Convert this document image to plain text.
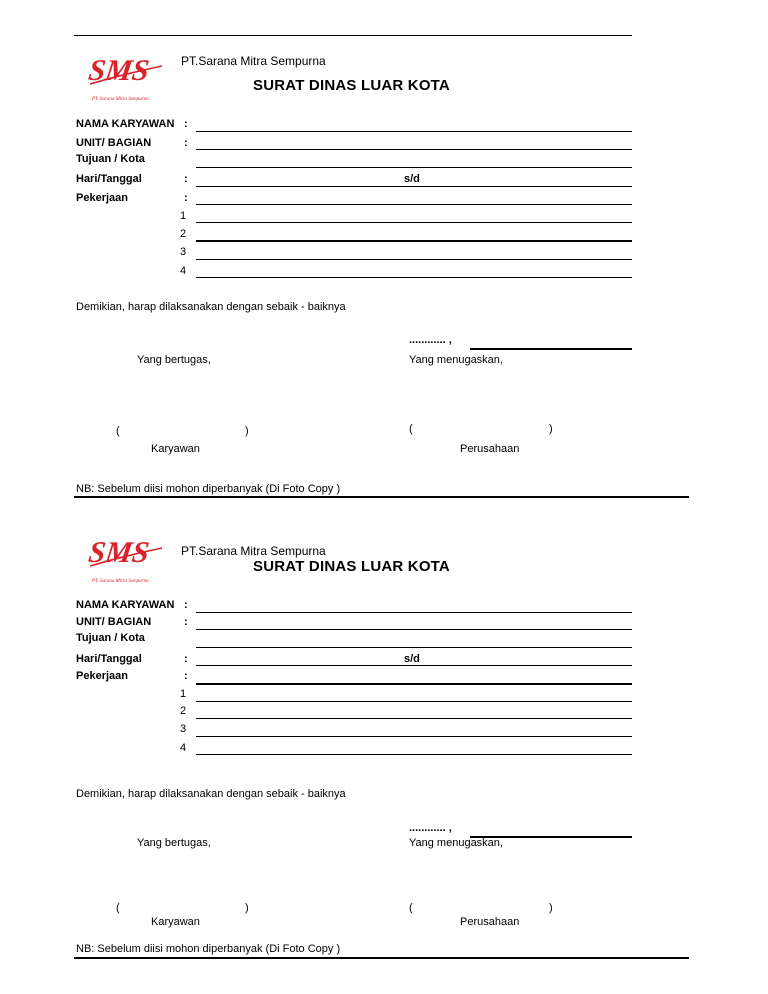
SMS
PT. Sarana Mitra Sempurna
PT.Sarana Mitra Sempurna
SURAT DINAS LUAR KOTA
NAMA KARYAWAN :
UNIT/ BAGIAN	:
Tujuan / Kota
Hari/Tanggal	:	s/d
Pekerjaan	:
1
2
3
4
Demikian, harap dilaksanakan dengan sebaik - baiknya
............ ,
Yang bertugas,	Yang menugaskan,
(	)	(	)
Karyawan	Perusahaan
NB: Sebelum diisi mohon diperbanyak (Di Foto Copy )
SMS
PT. Sarana Mitra Sempurna
PT.Sarana Mitra Sempurna
SURAT DINAS LUAR KOTA
NAMA KARYAWAN :
UNIT/ BAGIAN	:
Tujuan / Kota
Hari/Tanggal	:	s/d
Pekerjaan	:
1
2
3
4
Demikian, harap dilaksanakan dengan sebaik - baiknya
............ ,
Yang bertugas,	Yang menugaskan,
(	)	(	)
Karyawan	Perusahaan
NB: Sebelum diisi mohon diperbanyak (Di Foto Copy )
